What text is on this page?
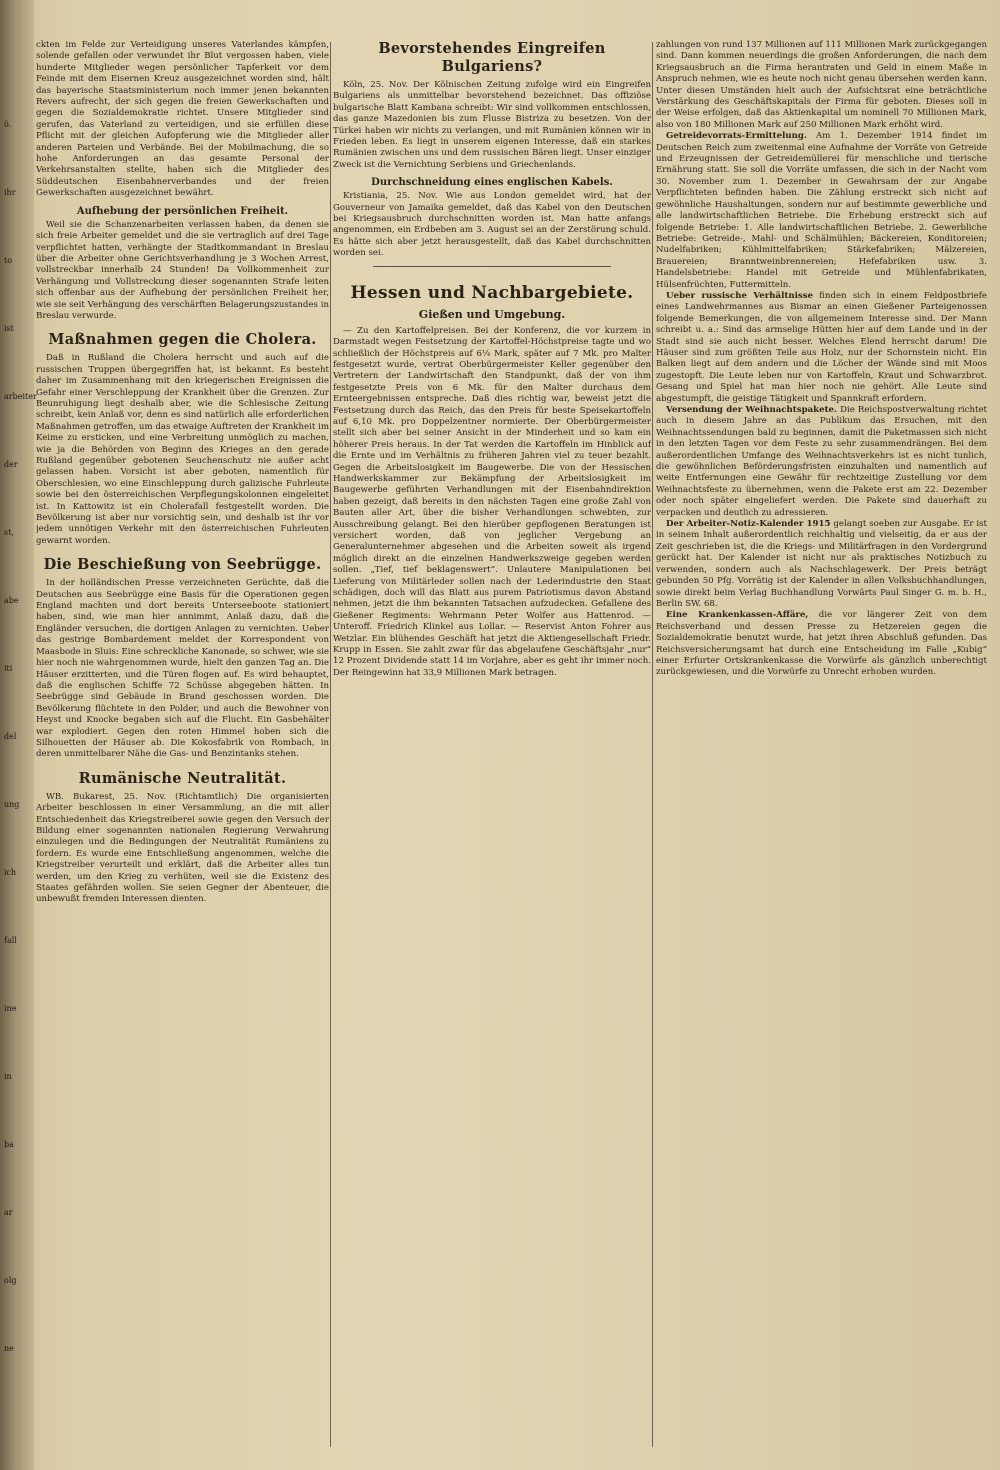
ö.
ihr
to
ist
arbeiter
der
st,
abe
iti
del
ung
ich
fall
ine
in
ba
ar
olg
ne

ckten im Felde zur Verteidigung unseres Vaterlandes kämpfen, solende gefallen oder verwundet ihr Blut vergossen haben, viele hunderte Mitglieder wegen persönlicher Tapferkeit vor dem Feinde mit dem Eisernen Kreuz ausgezeichnet worden sind, hält das bayerische Staatsministerium noch immer jenen bekannten Revers aufrecht, der sich gegen die freien Gewerkschaften und gegen die Sozialdemokratie richtet. Unsere Mitglieder sind gerufen, das Vaterland zu verteidigen, und sie erfüllen diese Pflicht mit der gleichen Aufopferung wie die Mitglieder aller anderen Parteien und Verbände. Bei der Mobilmachung, die so hohe Anforderungen an das gesamte Personal der Verkehrsanstalten stellte, haben sich die Mitglieder des Süddeutschen Eisenbahnerverbandes und der freien Gewerkschaften ausgezeichnet bewährt.

Aufhebung der persönlichen Freiheit.

Weil sie die Schanzenarbeiten verlassen haben, da denen sie sich freie Arbeiter gemeldet und die sie vertraglich auf drei Tage verpflichtet hatten, verhängte der Stadtkommandant in Breslau über die Arbeiter ohne Gerichtsverhandlung je 3 Wochen Arrest, vollstreckbar innerhalb 24 Stunden! Da Vollkommenheit zur Verhängung und Vollstreckung dieser sogenannten Strafe leiten sich offenbar aus der Aufhebung der persönlichen Freiheit her, wie sie seit Verhängung des verschärften Belagerungszustandes in Breslau verwurde.

Maßnahmen gegen die Cholera.

Daß in Rußland die Cholera herrscht und auch auf die russischen Truppen übergegriffen hat, ist bekannt. Es besteht daher im Zusammenhang mit den kriegerischen Ereignissen die Gefahr einer Verschleppung der Krankheit über die Grenzen. Zur Beunruhigung liegt deshalb aber, wie die Schlesische Zeitung schreibt, kein Anlaß vor, denn es sind natürlich alle erforderlichen Maßnahmen getroffen, um das etwaige Auftreten der Krankheit im Keime zu ersticken, und eine Verbreitung unmöglich zu machen, wie ja die Behörden von Beginn des Krieges an den gerade Rußland gegenüber gebotenen Seuchenschutz nie außer acht gelassen haben. Vorsicht ist aber geboten, namentlich für Oberschlesien, wo eine Einschleppung durch galizische Fuhrleute sowie bei den österreichischen Verpflegungskolonnen eingeleitet ist. In Kattowitz ist ein Cholerafall festgestellt worden. Die Bevölkerung ist aber nur vorsichtig sein, und deshalb ist ihr vor jedem unnötigen Verkehr mit den österreichischen Fuhrleuten gewarnt worden.

Die Beschießung von Seebrügge.

In der holländischen Presse verzeichneten Gerüchte, daß die Deutschen aus Seebrügge eine Basis für die Operationen gegen England machten und dort bereits Unterseeboote stationiert haben, sind, wie man hier annimmt, Anlaß dazu, daß die Engländer versuchen, die dortigen Anlagen zu vernichten. Ueber das gestrige Bombardement meldet der Korrespondent von Maasbode in Sluis: Eine schreckliche Kanonade, so schwer, wie sie hier noch nie wahrgenommen wurde, hielt den ganzen Tag an. Die Häuser erzitterten, und die Türen flogen auf. Es wird behauptet, daß die englischen Schiffe 72 Schüsse abgegeben hätten. In Seebrügge sind Gebäude in Brand geschossen worden. Die Bevölkerung flüchtete in den Polder, und auch die Bewohner von Heyst und Knocke begaben sich auf die Flucht. Ein Gasbehälter war explodiert. Gegen den roten Himmel hoben sich die Silhouetten der Häuser ab. Die Kokosfabrik von Rombach, in deren unmittelbarer Nähe die Gas- und Benzintanks stehen.

Rumänische Neutralität.

WB. Bukarest, 25. Nov. (Richtamtlich) Die organisierten Arbeiter beschlossen in einer Versammlung, an die mit aller Entschiedenheit das Kriegstreiberei sowie gegen den Versuch der Bildung einer sogenannten nationalen Regierung Verwahrung einzulegen und die Bedingungen der Neutralität Rumäniens zu fordern. Es wurde eine Entschließung angenommen, welche die Kriegstreiber verurteilt und erklärt, daß die Arbeiter alles tun werden, um den Krieg zu verhüten, weil sie die Existenz des Staates gefährden wollen. Sie seien Gegner der Abenteuer, die unbewußt fremden Interessen dienten.

Bevorstehendes Eingreifen Bulgariens?

Köln, 25. Nov. Der Kölnischen Zeitung zufolge wird ein Eingreifen Bulgariens als unmittelbar bevorstehend bezeichnet. Das offiziöse bulgarische Blatt Kambana schreibt: Wir sind vollkommen entschlossen, das ganze Mazedonien bis zum Flusse Bistriza zu besetzen. Von der Türkei haben wir nichts zu verlangen, und mit Rumänien können wir in Frieden leben. Es liegt in unserem eigenen Interesse, daß ein starkes Rumänien zwischen uns und dem russischen Bären liegt. Unser einziger Zweck ist die Vernichtung Serbiens und Griechenlands.

Durchschneidung eines englischen Kabels.

Kristiania, 25. Nov. Wie aus London gemeldet wird, hat der Gouverneur von Jamaika gemeldet, daß das Kabel von den Deutschen bei Kriegsausbruch durchschnitten worden ist. Man hatte anfangs angenommen, ein Erdbeben am 3. August sei an der Zerstörung schuld. Es hätte sich aber jetzt herausgestellt, daß das Kabel durchschnitten worden sei.

Hessen und Nachbargebiete.
Gießen und Umgebung.

— Zu den Kartoffelpreisen. Bei der Konferenz, die vor kurzem in Darmstadt wegen Festsetzung der Kartoffel-Höchstpreise tagte und wo schließlich der Höchstpreis auf 6¼ Mark, später auf 7 Mk. pro Malter festgesetzt wurde, vertrat Oberbürgermeister Keller gegenüber den Vertretern der Landwirtschaft den Standpunkt, daß der von ihm festgesetzte Preis von 6 Mk. für den Malter durchaus dem Ernteergebnissen entspreche. Daß dies richtig war, beweist jetzt die Festsetzung durch das Reich, das den Preis für beste Speisekartoffeln auf 6,10 Mk. pro Doppelzentner normierte. Der Oberbürgermeister stellt sich aber bei seiner Ansicht in der Minderheit und so kam ein höherer Preis heraus. In der Tat werden die Kartoffeln im Hinblick auf die Ernte und im Verhältnis zu früheren Jahren viel zu teuer bezahlt. Gegen die Arbeitslosigkeit im Baugewerbe. Die von der Hessischen Handwerkskammer zur Bekämpfung der Arbeitslosigkeit im Baugewerbe geführten Verhandlungen mit der Eisenbahndirektion haben gezeigt, daß bereits in den nächsten Tagen eine große Zahl von Bauten aller Art, über die bisher Verhandlungen schwebten, zur Ausschreibung gelangt. Bei den hierüber gepflogenen Beratungen ist versichert worden, daß von jeglicher Vergebung an Generalunternehmer abgesehen und die Arbeiten soweit als irgend möglich direkt an die einzelnen Handwerkszweige gegeben werden sollen. „Tief, tief beklagenswert“. Unlautere Manipulationen bei Lieferung von Militärleder sollen nach der Lederindustrie den Staat schädigen, doch will das Blatt aus purem Patriotismus davon Abstand nehmen, jetzt die ihm bekannten Tatsachen aufzudecken. Gefallene des Gießener Regiments: Wehrmann Peter Wolfer aus Hattenrod. — Unteroff. Friedrich Klinkel aus Lollar. — Reservist Anton Fohrer aus Wetzlar. Ein blühendes Geschäft hat jetzt die Aktiengesellschaft Friedr. Krupp in Essen. Sie zahlt zwar für das abgelaufene Geschäftsjahr „nur“ 12 Prozent Dividende statt 14 im Vorjahre, aber es geht ihr immer noch. Der Reingewinn hat 33,9 Millionen Mark betragen.

zahlungen von rund 137 Millionen auf 111 Millionen Mark zurückgegangen sind. Dann kommen neuerdings die großen Anforderungen, die nach dem Kriegsausbruch an die Firma herantraten und Geld in einem Maße in Anspruch nehmen, wie es heute noch nicht genau übersehen werden kann. Unter diesen Umständen hielt auch der Aufsichtsrat eine beträchtliche Verstärkung des Geschäftskapitals der Firma für geboten. Dieses soll in der Weise erfolgen, daß das Aktienkapital um nominell 70 Millionen Mark, also von 180 Millionen Mark auf 250 Millionen Mark erhöht wird.

Getreidevorrats-Ermittelung. Am 1. Dezember 1914 findet im Deutschen Reich zum zweitenmal eine Aufnahme der Vorräte von Getreide und Erzeugnissen der Getreidemüllerei für menschliche und tierische Ernährung statt. Sie soll die Vorräte umfassen, die sich in der Nacht vom 30. November zum 1. Dezember in Gewahrsam der zur Angabe Verpflichteten befinden haben. Die Zählung erstreckt sich nicht auf gewöhnliche Haushaltungen, sondern nur auf bestimmte gewerbliche und alle landwirtschaftlichen Betriebe. Die Erhebung erstreckt sich auf folgende Betriebe: 1. Alle landwirtschaftlichen Betriebe. 2. Gewerbliche Betriebe: Getreide-, Mahl- und Schälmühlen; Bäckereien, Konditoreien; Nudelfabriken; Kühlmittelfabriken; Stärkefabriken; Mälzereien, Brauereien; Branntweinbrennereien; Hefefabriken usw. 3. Handelsbetriebe: Handel mit Getreide und Mühlenfabrikaten, Hülsenfrüchten, Futtermitteln.

Ueber russische Verhältnisse finden sich in einem Feldpostbriefe eines Landwehrmannes aus Bismar an einen Gießener Parteigenossen folgende Bemerkungen, die von allgemeinem Interesse sind. Der Mann schreibt u. a.: Sind das armselige Hütten hier auf dem Lande und in der Stadt sind sie auch nicht besser. Welches Elend herrscht darum! Die Häuser sind zum größten Teile aus Holz, nur der Schornstein nicht. Ein Balken liegt auf dem andern und die Löcher der Wände sind mit Moos zugestopft. Die Leute leben nur von Kartoffeln, Kraut und Schwarzbrot. Gesang und Spiel hat man hier noch nie gehört. Alle Leute sind abgestumpft, die geistige Tätigkeit und Spannkraft erfordern.

Versendung der Weihnachtspakete. Die Reichspostverwaltung richtet auch in diesem Jahre an das Publikum das Ersuchen, mit den Weihnachtssendungen bald zu beginnen, damit die Paketmassen sich nicht in den letzten Tagen vor dem Feste zu sehr zusammendrängen. Bei dem außerordentlichen Umfange des Weihnachtsverkehrs ist es nicht tunlich, die gewöhnlichen Beförderungsfristen einzuhalten und namentlich auf weite Entfernungen eine Gewähr für rechtzeitige Zustellung vor dem Weihnachtsfeste zu übernehmen, wenn die Pakete erst am 22. Dezember oder noch später eingeliefert werden. Die Pakete sind dauerhaft zu verpacken und deutlich zu adressieren.

Der Arbeiter-Notiz-Kalender 1915 gelangt soeben zur Ausgabe. Er ist in seinem Inhalt außerordentlich reichhaltig und vielseitig, da er aus der Zeit geschrieben ist, die die Kriegs- und Militärfragen in den Vordergrund gerückt hat. Der Kalender ist nicht nur als praktisches Notizbuch zu verwenden, sondern auch als Nachschlagewerk. Der Preis beträgt gebunden 50 Pfg. Vorrätig ist der Kalender in allen Volksbuchhandlungen, sowie direkt beim Verlag Buchhandlung Vorwärts Paul Singer G. m. b. H., Berlin SW. 68.

Eine Krankenkassen-Affäre, die vor längerer Zeit von dem Reichsverband und dessen Presse zu Hetzereien gegen die Sozialdemokratie benutzt wurde, hat jetzt ihren Abschluß gefunden. Das Reichsversicherungsamt hat durch eine Entscheidung im Falle „Kubig“ einer Erfurter Ortskrankenkasse die Vorwürfe als gänzlich unberechtigt zurückgewiesen, und die Vorwürfe zu Unrecht erhoben wurden.
